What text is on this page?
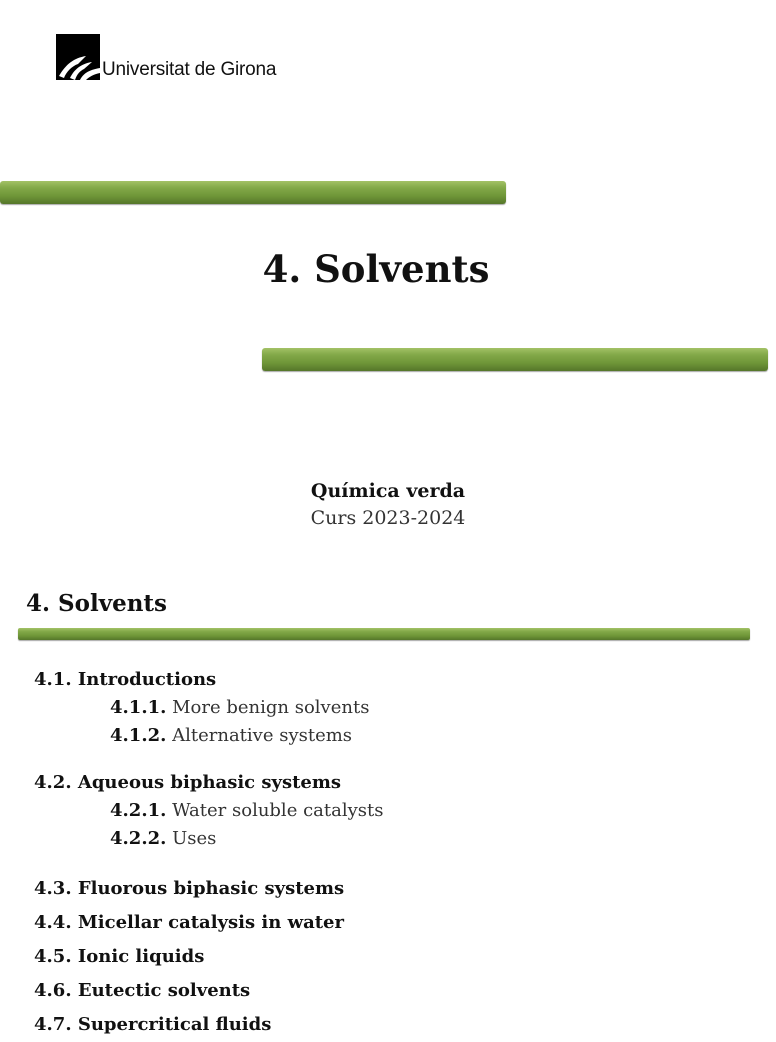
Universitat de Girona
4. Solvents
Química verda
Curs 2023-2024
4. Solvents
4.1. Introductions
4.1.1. More benign solvents
4.1.2. Alternative systems
4.2. Aqueous biphasic systems
4.2.1. Water soluble catalysts
4.2.2. Uses
4.3. Fluorous biphasic systems
4.4. Micellar catalysis in water
4.5. Ionic liquids
4.6. Eutectic solvents
4.7. Supercritical fluids
